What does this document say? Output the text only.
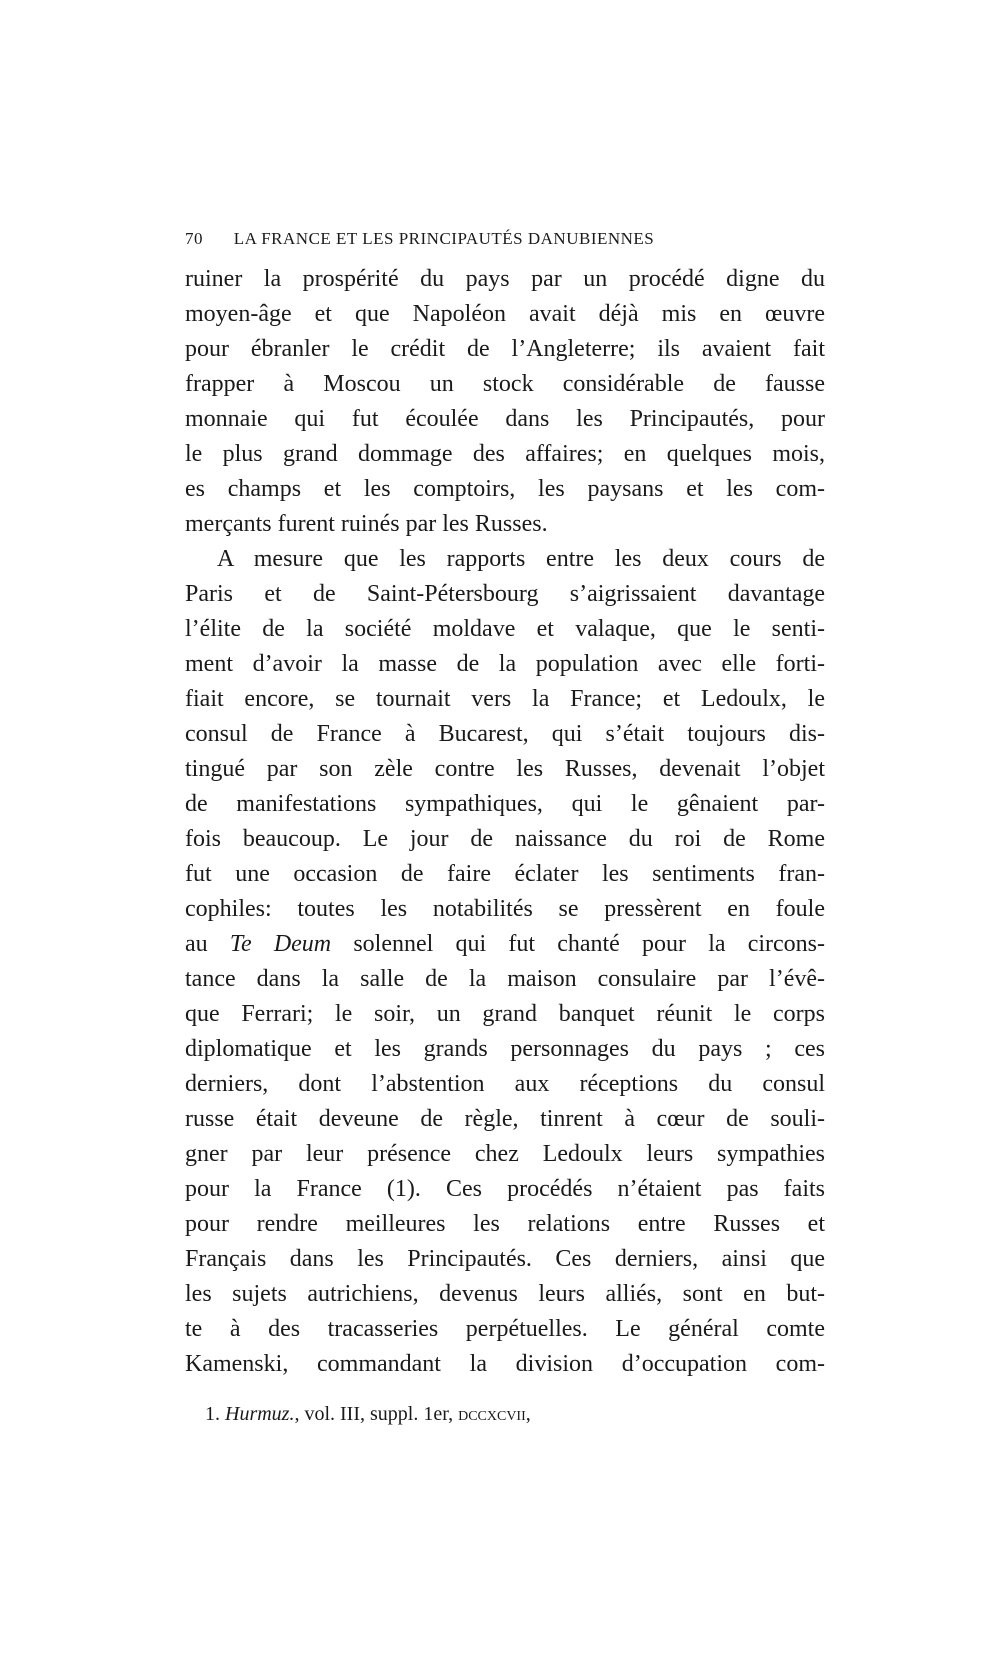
70 LA FRANCE ET LES PRINCIPAUTÉS DANUBIENNES
ruiner la prospérité du pays par un procédé digne du
moyen-âge et que Napoléon avait déjà mis en œuvre
pour ébranler le crédit de l’Angleterre; ils avaient fait
frapper à Moscou un stock considérable de fausse
monnaie qui fut écoulée dans les Principautés, pour
le plus grand dommage des affaires; en quelques mois,
es champs et les comptoirs, les paysans et les com-
merçants furent ruinés par les Russes.
A mesure que les rapports entre les deux cours de
Paris et de Saint-Pétersbourg s’aigrissaient davantage
l’élite de la société moldave et valaque, que le senti-
ment d’avoir la masse de la population avec elle forti-
fiait encore, se tournait vers la France; et Ledoulx, le
consul de France à Bucarest, qui s’était toujours dis-
tingué par son zèle contre les Russes, devenait l’objet
de manifestations sympathiques, qui le gênaient par-
fois beaucoup. Le jour de naissance du roi de Rome
fut une occasion de faire éclater les sentiments fran-
cophiles: toutes les notabilités se pressèrent en foule
au Te Deum solennel qui fut chanté pour la circons-
tance dans la salle de la maison consulaire par l’évê-
que Ferrari; le soir, un grand banquet réunit le corps
diplomatique et les grands personnages du pays ; ces
derniers, dont l’abstention aux réceptions du consul
russe était deveune de règle, tinrent à cœur de souli-
gner par leur présence chez Ledoulx leurs sympathies
pour la France (1). Ces procédés n’étaient pas faits
pour rendre meilleures les relations entre Russes et
Français dans les Principautés. Ces derniers, ainsi que
les sujets autrichiens, devenus leurs alliés, sont en but-
te à des tracasseries perpétuelles. Le général comte
Kamenski, commandant la division d’occupation com-
1. Hurmuz., vol. III, suppl. 1er, dccxcvii,
